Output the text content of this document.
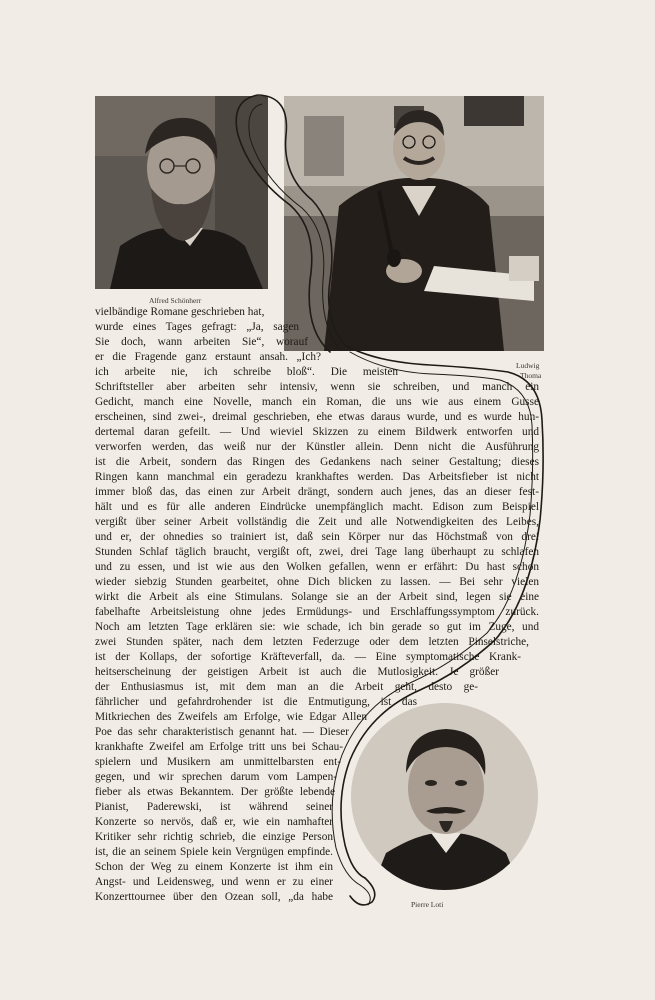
Alfred Schönherr
Ludwig
Thoma
Pierre Loti
vielbändige Romane geschrieben hat,
wurde eines Tages gefragt: „Ja, sagen
Sie doch, wann arbeiten Sie“, worauf
er die Fragende ganz erstaunt ansah. „Ich?
ich arbeite nie, ich schreibe bloß“. Die meisten
Schriftsteller aber arbeiten sehr intensiv, wenn sie schreiben, und manch ein
Gedicht, manch eine Novelle, manch ein Roman, die uns wie aus einem Gusse
erscheinen, sind zwei-, dreimal geschrieben, ehe etwas daraus wurde, und es wurde hun-
dertemal daran gefeilt. — Und wieviel Skizzen zu einem Bildwerk entworfen und
verworfen werden, das weiß nur der Künstler allein. Denn nicht die Ausführung
ist die Arbeit, sondern das Ringen des Gedankens nach seiner Gestaltung; dieses
Ringen kann manchmal ein geradezu krankhaftes werden. Das Arbeitsfieber ist nicht
immer bloß das, das einen zur Arbeit drängt, sondern auch jenes, das an dieser fest-
hält und es für alle anderen Eindrücke unempfänglich macht. Edison zum Beispiel
vergißt über seiner Arbeit vollständig die Zeit und alle Notwendigkeiten des Leibes,
und er, der ohnedies so trainiert ist, daß sein Körper nur das Höchstmaß von drei
Stunden Schlaf täglich braucht, vergißt oft, zwei, drei Tage lang überhaupt zu schlafen
und zu essen, und ist wie aus den Wolken gefallen, wenn er erfährt: Du hast schon
wieder siebzig Stunden gearbeitet, ohne Dich blicken zu lassen. — Bei sehr vielen
wirkt die Arbeit als eine Stimulans. Solange sie an der Arbeit sind, legen sie eine
fabelhafte Arbeitsleistung ohne jedes Ermüdungs- und Erschlaffungssymptom zurück.
Noch am letzten Tage erklären sie: wie schade, ich bin gerade so gut im Zuge, und
zwei Stunden später, nach dem letzten Federzuge oder dem letzten Pinselstriche,
ist der Kollaps, der sofortige Kräfteverfall, da. — Eine symptomatische Krank-
heitserscheinung der geistigen Arbeit ist auch die Mutlosigkeit. Je größer
der Enthusiasmus ist, mit dem man an die Arbeit geht, desto ge-
fährlicher und gefahrdrohender ist die Entmutigung, ist das
Mitkriechen des Zweifels am Erfolge, wie Edgar Allen
Poe das sehr charakteristisch genannt hat. — Dieser
krankhafte Zweifel am Erfolge tritt uns bei Schau-
spielern und Musikern am unmittelbarsten ent-
gegen, und wir sprechen darum vom Lampen-
fieber als etwas Bekanntem. Der größte lebende
Pianist, Paderewski, ist während seiner
Konzerte so nervös, daß er, wie ein namhafter
Kritiker sehr richtig schrieb, die einzige Person
ist, die an seinem Spiele kein Vergnügen empfinde.
Schon der Weg zu einem Konzerte ist ihm ein
Angst- und Leidensweg, und wenn er zu einer
Konzerttournee über den Ozean soll, „da habe
